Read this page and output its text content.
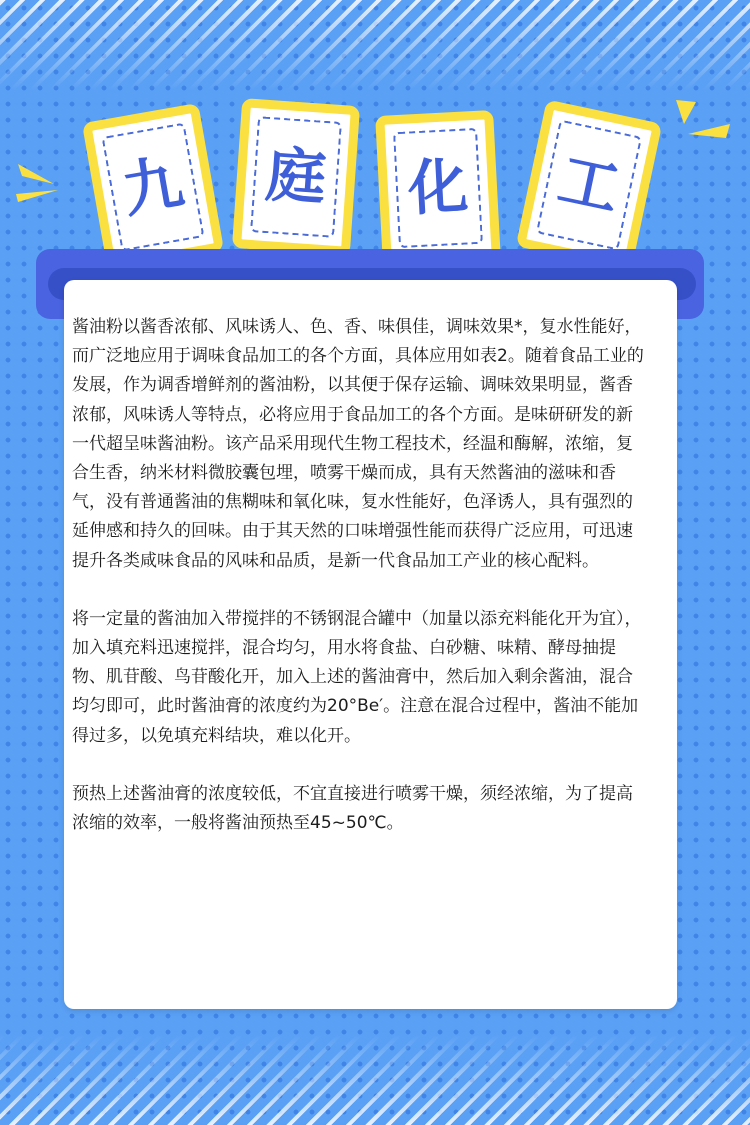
九 庭 化 工

酱油粉以酱香浓郁、风味诱人、色、香、味俱佳，调味效果*，复水性能好，而广泛地应用于调味食品加工的各个方面，具体应用如表2。随着食品工业的发展，作为调香增鲜剂的酱油粉，以其便于保存运输、调味效果明显，酱香浓郁，风味诱人等特点，必将应用于食品加工的各个方面。是味研研发的新一代超呈味酱油粉。该产品采用现代生物工程技术，经温和酶解，浓缩，复合生香，纳米材料微胶囊包埋，喷雾干燥而成，具有天然酱油的滋味和香气，没有普通酱油的焦糊味和氧化味，复水性能好，色泽诱人，具有强烈的延伸感和持久的回味。由于其天然的口味增强性能而获得广泛应用，可迅速提升各类咸味食品的风味和品质，是新一代食品加工产业的核心配料。

将一定量的酱油加入带搅拌的不锈钢混合罐中（加量以添充料能化开为宜），加入填充料迅速搅拌，混合均匀，用水将食盐、白砂糖、味精、酵母抽提物、肌苷酸、鸟苷酸化开，加入上述的酱油膏中，然后加入剩余酱油，混合均匀即可，此时酱油膏的浓度约为20°Be′。注意在混合过程中，酱油不能加得过多，以免填充料结块，难以化开。

预热上述酱油膏的浓度较低，不宜直接进行喷雾干燥，须经浓缩，为了提高浓缩的效率，一般将酱油预热至45~50℃。
